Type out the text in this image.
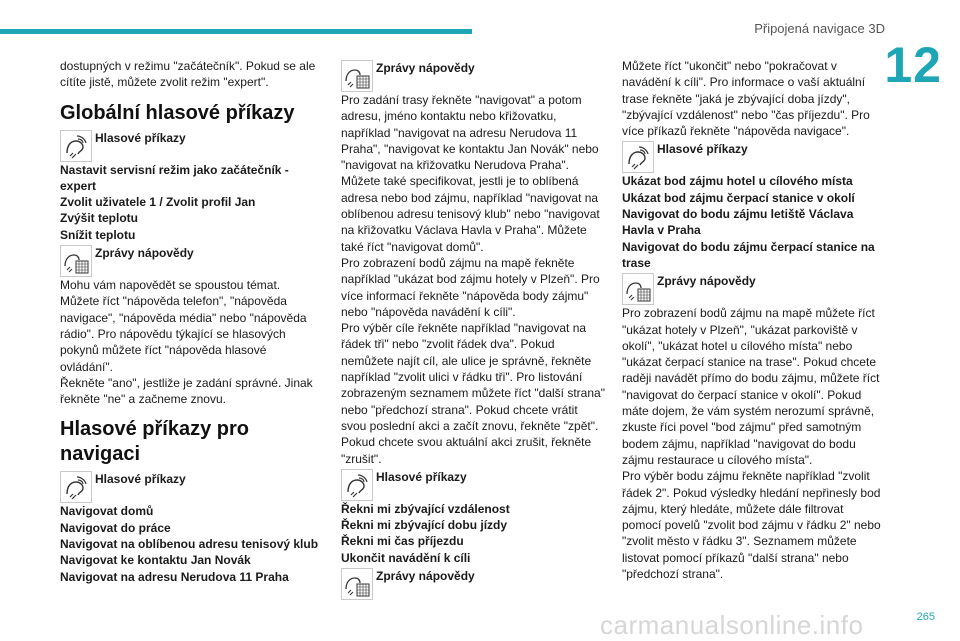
Připojená navigace 3D
12

dostupných v režimu "začátečník". Pokud se ale cítíte jistě, můžete zvolit režim "expert".

Globální hlasové příkazy
Hlasové příkazy

Nastavit servisní režim jako začátečník - expert

Zvolit uživatele 1 / Zvolit profil Jan

Zvýšit teplotu

Snížit teplotu

Zprávy nápovědy

Mohu vám napovědět se spoustou témat. Můžete říct "nápověda telefon", "nápověda navigace", "nápověda média" nebo "nápověda rádio". Pro nápovědu týkající se hlasových pokynů můžete říct "nápověda hlasové ovládání".

Řekněte "ano", jestliže je zadání správné. Jinak řekněte "ne" a začneme znovu.

Hlasové příkazy pro navigaci
Hlasové příkazy

Navigovat domů

Navigovat do práce

Navigovat na oblíbenou adresu tenisový klub

Navigovat ke kontaktu Jan Novák

Navigovat na adresu Nerudova 11 Praha

Zprávy nápovědy

Pro zadání trasy řekněte "navigovat" a potom adresu, jméno kontaktu nebo křižovatku, například "navigovat na adresu Nerudova 11 Praha", "navigovat ke kontaktu Jan Novák" nebo "navigovat na křižovatku Nerudova Praha". Můžete také specifikovat, jestli je to oblíbená adresa nebo bod zájmu, například "navigovat na oblíbenou adresu tenisový klub" nebo "navigovat na křižovatku Václava Havla v Praha". Můžete také říct "navigovat domů".

Pro zobrazení bodů zájmu na mapě řekněte například "ukázat bod zájmu hotely v Plzeň". Pro více informací řekněte "nápověda body zájmu" nebo "nápověda navádění k cíli".

Pro výběr cíle řekněte například "navigovat na řádek tři" nebo "zvolit řádek dva". Pokud nemůžete najít cíl, ale ulice je správně, řekněte například "zvolit ulici v řádku tři". Pro listování zobrazeným seznamem můžete říct "další strana" nebo "předchozí strana". Pokud chcete vrátit svou poslední akci a začít znovu, řekněte "zpět". Pokud chcete svou aktuální akci zrušit, řekněte "zrušit".

Hlasové příkazy

Řekni mi zbývající vzdálenost

Řekni mi zbývající dobu jízdy

Řekni mi čas příjezdu

Ukončit navádění k cíli

Zprávy nápovědy

Můžete říct "ukončit" nebo "pokračovat v navádění k cíli". Pro informace o vaší aktuální trase řekněte "jaká je zbývající doba jízdy", "zbývající vzdálenost" nebo "čas příjezdu". Pro více příkazů řekněte "nápověda navigace".

Hlasové příkazy

Ukázat bod zájmu hotel u cílového místa

Ukázat bod zájmu čerpací stanice v okolí

Navigovat do bodu zájmu letiště Václava Havla v Praha

Navigovat do bodu zájmu čerpací stanice na trase

Zprávy nápovědy

Pro zobrazení bodů zájmu na mapě můžete říct "ukázat hotely v Plzeň", "ukázat parkoviště v okolí", "ukázat hotel u cílového místa" nebo "ukázat čerpací stanice na trase". Pokud chcete raději navádět přímo do bodu zájmu, můžete říct "navigovat do čerpací stanice v okolí". Pokud máte dojem, že vám systém nerozumí správně, zkuste říci povel "bod zájmu" před samotným bodem zájmu, například "navigovat do bodu zájmu restaurace u cílového místa".

Pro výběr bodu zájmu řekněte například "zvolit řádek 2". Pokud výsledky hledání nepřinesly bod zájmu, který hledáte, můžete dále filtrovat pomocí povelů "zvolit bod zájmu v řádku 2" nebo "zvolit město v řádku 3". Seznamem můžete listovat pomocí příkazů "další strana" nebo "předchozí strana".

carmanualsonline.info	265
